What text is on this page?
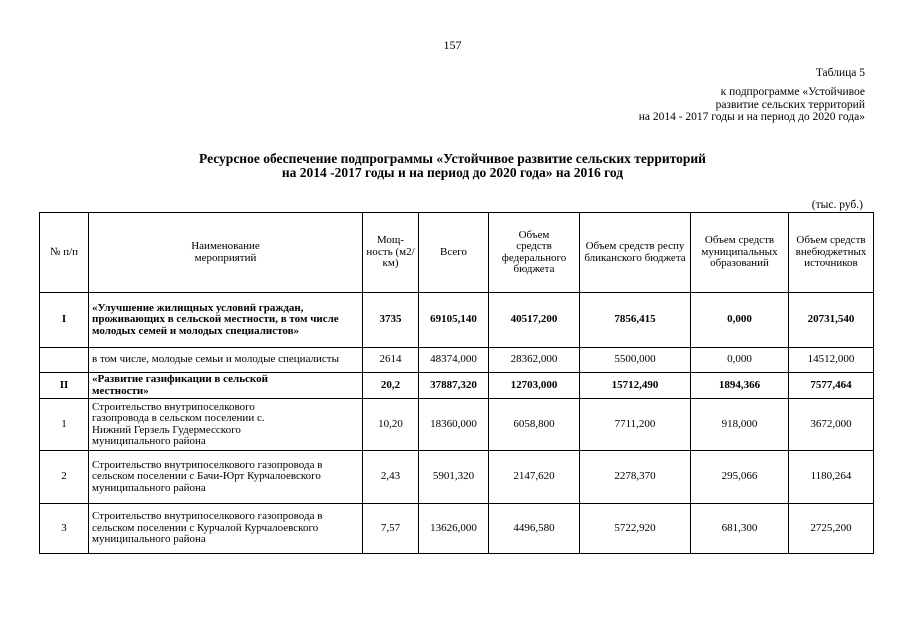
157
Таблица 5
к подпрограмме «Устойчивое
развитие сельских территорий
на 2014 - 2017 годы и на период до 2020 года»
Ресурсное обеспечение подпрограммы «Устойчивое развитие сельских территорий
на 2014 -2017 годы и на период до 2020 года» на 2016 год
(тыс. руб.)
№ п/п	Наименование мероприятий	Мощ-ность (м2/км)	Всего	Объем средств федерального бюджета	Объем средств республиканского бюджета	Объем средств муниципальных образований	Объем средств внебюджетных источников
I	«Улучшение жилищных условий граждан, проживающих в сельской местности, в том числе молодых семей и молодых специалистов»	3735	69105,140	40517,200	7856,415	0,000	20731,540
	в том числе, молодые семьи и молодые специалисты	2614	48374,000	28362,000	5500,000	0,000	14512,000
II	«Развитие газификации в сельской местности»	20,2	37887,320	12703,000	15712,490	1894,366	7577,464
1	Строительство внутрипоселкового газопровода в сельском поселении с. Нижний Герзель Гудермесского муниципального района	10,20	18360,000	6058,800	7711,200	918,000	3672,000
2	Строительство внутрипоселкового газопровода в сельском поселении с Бачи-Юрт Курчалоевского муниципального района	2,43	5901,320	2147,620	2278,370	295,066	1180,264
3	Строительство внутрипоселкового газопровода в сельском поселении с Курчалой Курчалоевского муниципального района	7,57	13626,000	4496,580	5722,920	681,300	2725,200
